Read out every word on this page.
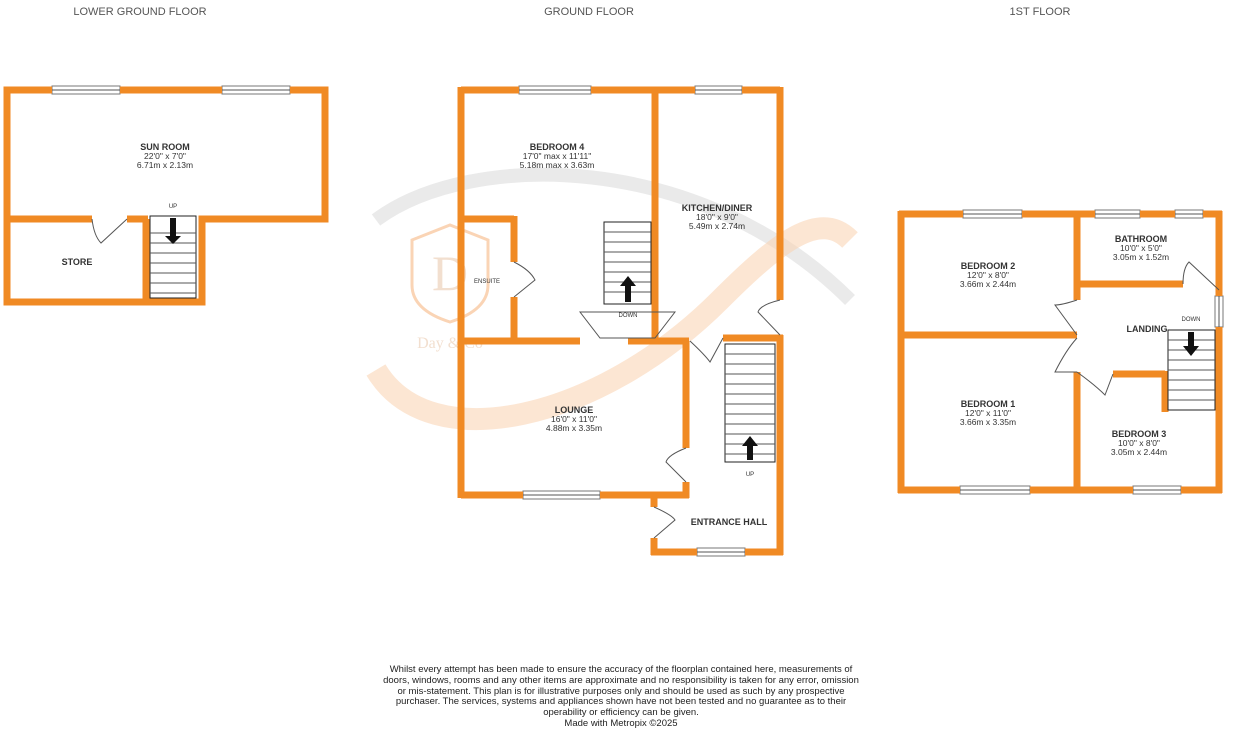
D
Day & Co
LOWER GROUND FLOOR	GROUND FLOOR	1ST FLOOR
UP
SUN ROOM
22'0" x 7'0"
6.71m x 2.13m
STORE
DOWN
UP
BEDROOM 4
17'0" max x 11'11"
5.18m max x 3.63m
KITCHEN/DINER
18'0" x 9'0"
5.49m x 2.74m
ENSUITE
LOUNGE
16'0" x 11'0"
4.88m x 3.35m
ENTRANCE HALL
DOWN
BEDROOM 2
12'0" x 8'0"
3.66m x 2.44m
BATHROOM
10'0" x 5'0"
3.05m x 1.52m
LANDING
BEDROOM 1
12'0" x 11'0"
3.66m x 3.35m
BEDROOM 3
10'0" x 8'0"
3.05m x 2.44m
Whilst every attempt has been made to ensure the accuracy of the floorplan contained here, measurements of doors, windows, rooms and any other items are approximate and no responsibility is taken for any error, omission or mis-statement. This plan is for illustrative purposes only and should be used as such by any prospective purchaser. The services, systems and appliances shown have not been tested and no guarantee as to their operability or efficiency can be given.
Made with Metropix ©2025
